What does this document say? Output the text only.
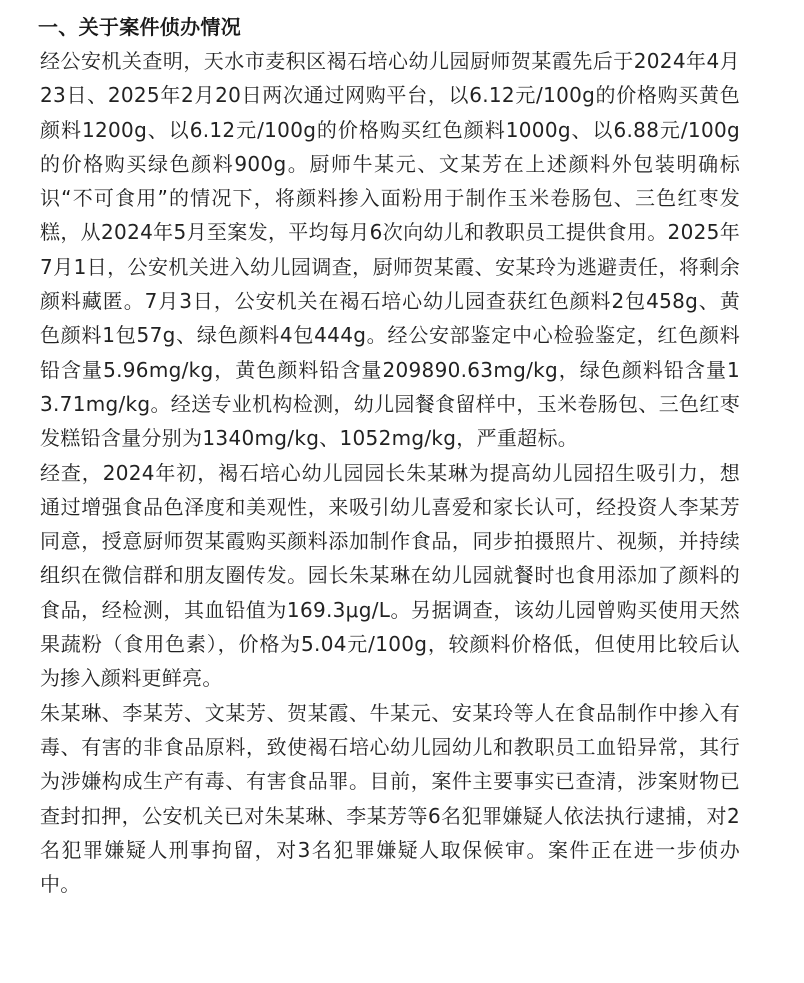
一、关于案件侦办情况

经公安机关查明，天水市麦积区褐石培心幼儿园厨师贺某霞先后于2024年4月23日、2025年2月20日两次通过网购平台，以6.12元/100g的价格购买黄色颜料1200g、以6.12元/100g的价格购买红色颜料1000g、以6.88元/100g的价格购买绿色颜料900g。厨师牛某元、文某芳在上述颜料外包装明确标识“不可食用”的情况下，将颜料掺入面粉用于制作玉米卷肠包、三色红枣发糕，从2024年5月至案发，平均每月6次向幼儿和教职员工提供食用。2025年7月1日，公安机关进入幼儿园调查，厨师贺某霞、安某玲为逃避责任，将剩余颜料藏匿。7月3日，公安机关在褐石培心幼儿园查获红色颜料2包458g、黄色颜料1包57g、绿色颜料4包444g。经公安部鉴定中心检验鉴定，红色颜料铅含量5.96mg/kg，黄色颜料铅含量209890.63mg/kg，绿色颜料铅含量13.71mg/kg。经送专业机构检测，幼儿园餐食留样中，玉米卷肠包、三色红枣发糕铅含量分别为1340mg/kg、1052mg/kg，严重超标。

经查，2024年初，褐石培心幼儿园园长朱某琳为提高幼儿园招生吸引力，想通过增强食品色泽度和美观性，来吸引幼儿喜爱和家长认可，经投资人李某芳同意，授意厨师贺某霞购买颜料添加制作食品，同步拍摄照片、视频，并持续组织在微信群和朋友圈传发。园长朱某琳在幼儿园就餐时也食用添加了颜料的食品，经检测，其血铅值为169.3μg/L。另据调查，该幼儿园曾购买使用天然果蔬粉（食用色素），价格为5.04元/100g，较颜料价格低，但使用比较后认为掺入颜料更鲜亮。

朱某琳、李某芳、文某芳、贺某霞、牛某元、安某玲等人在食品制作中掺入有毒、有害的非食品原料，致使褐石培心幼儿园幼儿和教职员工血铅异常，其行为涉嫌构成生产有毒、有害食品罪。目前，案件主要事实已查清，涉案财物已查封扣押，公安机关已对朱某琳、李某芳等6名犯罪嫌疑人依法执行逮捕，对2名犯罪嫌疑人刑事拘留，对3名犯罪嫌疑人取保候审。案件正在进一步侦办中。
